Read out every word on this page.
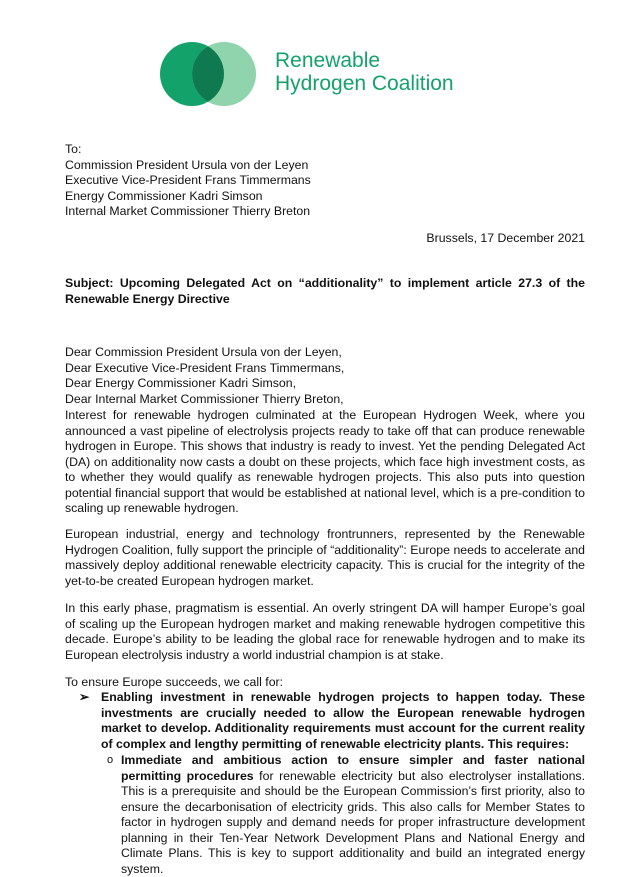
Renewable
Hydrogen Coalition
To:
Commission President Ursula von der Leyen
Executive Vice-President Frans Timmermans
Energy Commissioner Kadri Simson
Internal Market Commissioner Thierry Breton
Brussels, 17 December 2021
Subject: Upcoming Delegated Act on “additionality” to implement article 27.3 of the Renewable Energy Directive
Dear Commission President Ursula von der Leyen,
Dear Executive Vice-President Frans Timmermans,
Dear Energy Commissioner Kadri Simson,
Dear Internal Market Commissioner Thierry Breton,
Interest for renewable hydrogen culminated at the European Hydrogen Week, where you announced a vast pipeline of electrolysis projects ready to take off that can produce renewable hydrogen in Europe. This shows that industry is ready to invest. Yet the pending Delegated Act (DA) on additionality now casts a doubt on these projects, which face high investment costs, as to whether they would qualify as renewable hydrogen projects. This also puts into question potential financial support that would be established at national level, which is a pre-condition to scaling up renewable hydrogen.
European industrial, energy and technology frontrunners, represented by the Renewable Hydrogen Coalition, fully support the principle of “additionality”: Europe needs to accelerate and massively deploy additional renewable electricity capacity. This is crucial for the integrity of the yet-to-be created European hydrogen market.
In this early phase, pragmatism is essential. An overly stringent DA will hamper Europe’s goal of scaling up the European hydrogen market and making renewable hydrogen competitive this decade. Europe’s ability to be leading the global race for renewable hydrogen and to make its European electrolysis industry a world industrial champion is at stake.
To ensure Europe succeeds, we call for:
➢ Enabling investment in renewable hydrogen projects to happen today. These investments are crucially needed to allow the European renewable hydrogen market to develop. Additionality requirements must account for the current reality of complex and lengthy permitting of renewable electricity plants. This requires:
o Immediate and ambitious action to ensure simpler and faster national permitting procedures for renewable electricity but also electrolyser installations. This is a prerequisite and should be the European Commission’s first priority, also to ensure the decarbonisation of electricity grids. This also calls for Member States to factor in hydrogen supply and demand needs for proper infrastructure development planning in their Ten-Year Network Development Plans and National Energy and Climate Plans. This is key to support additionality and build an integrated energy system.
